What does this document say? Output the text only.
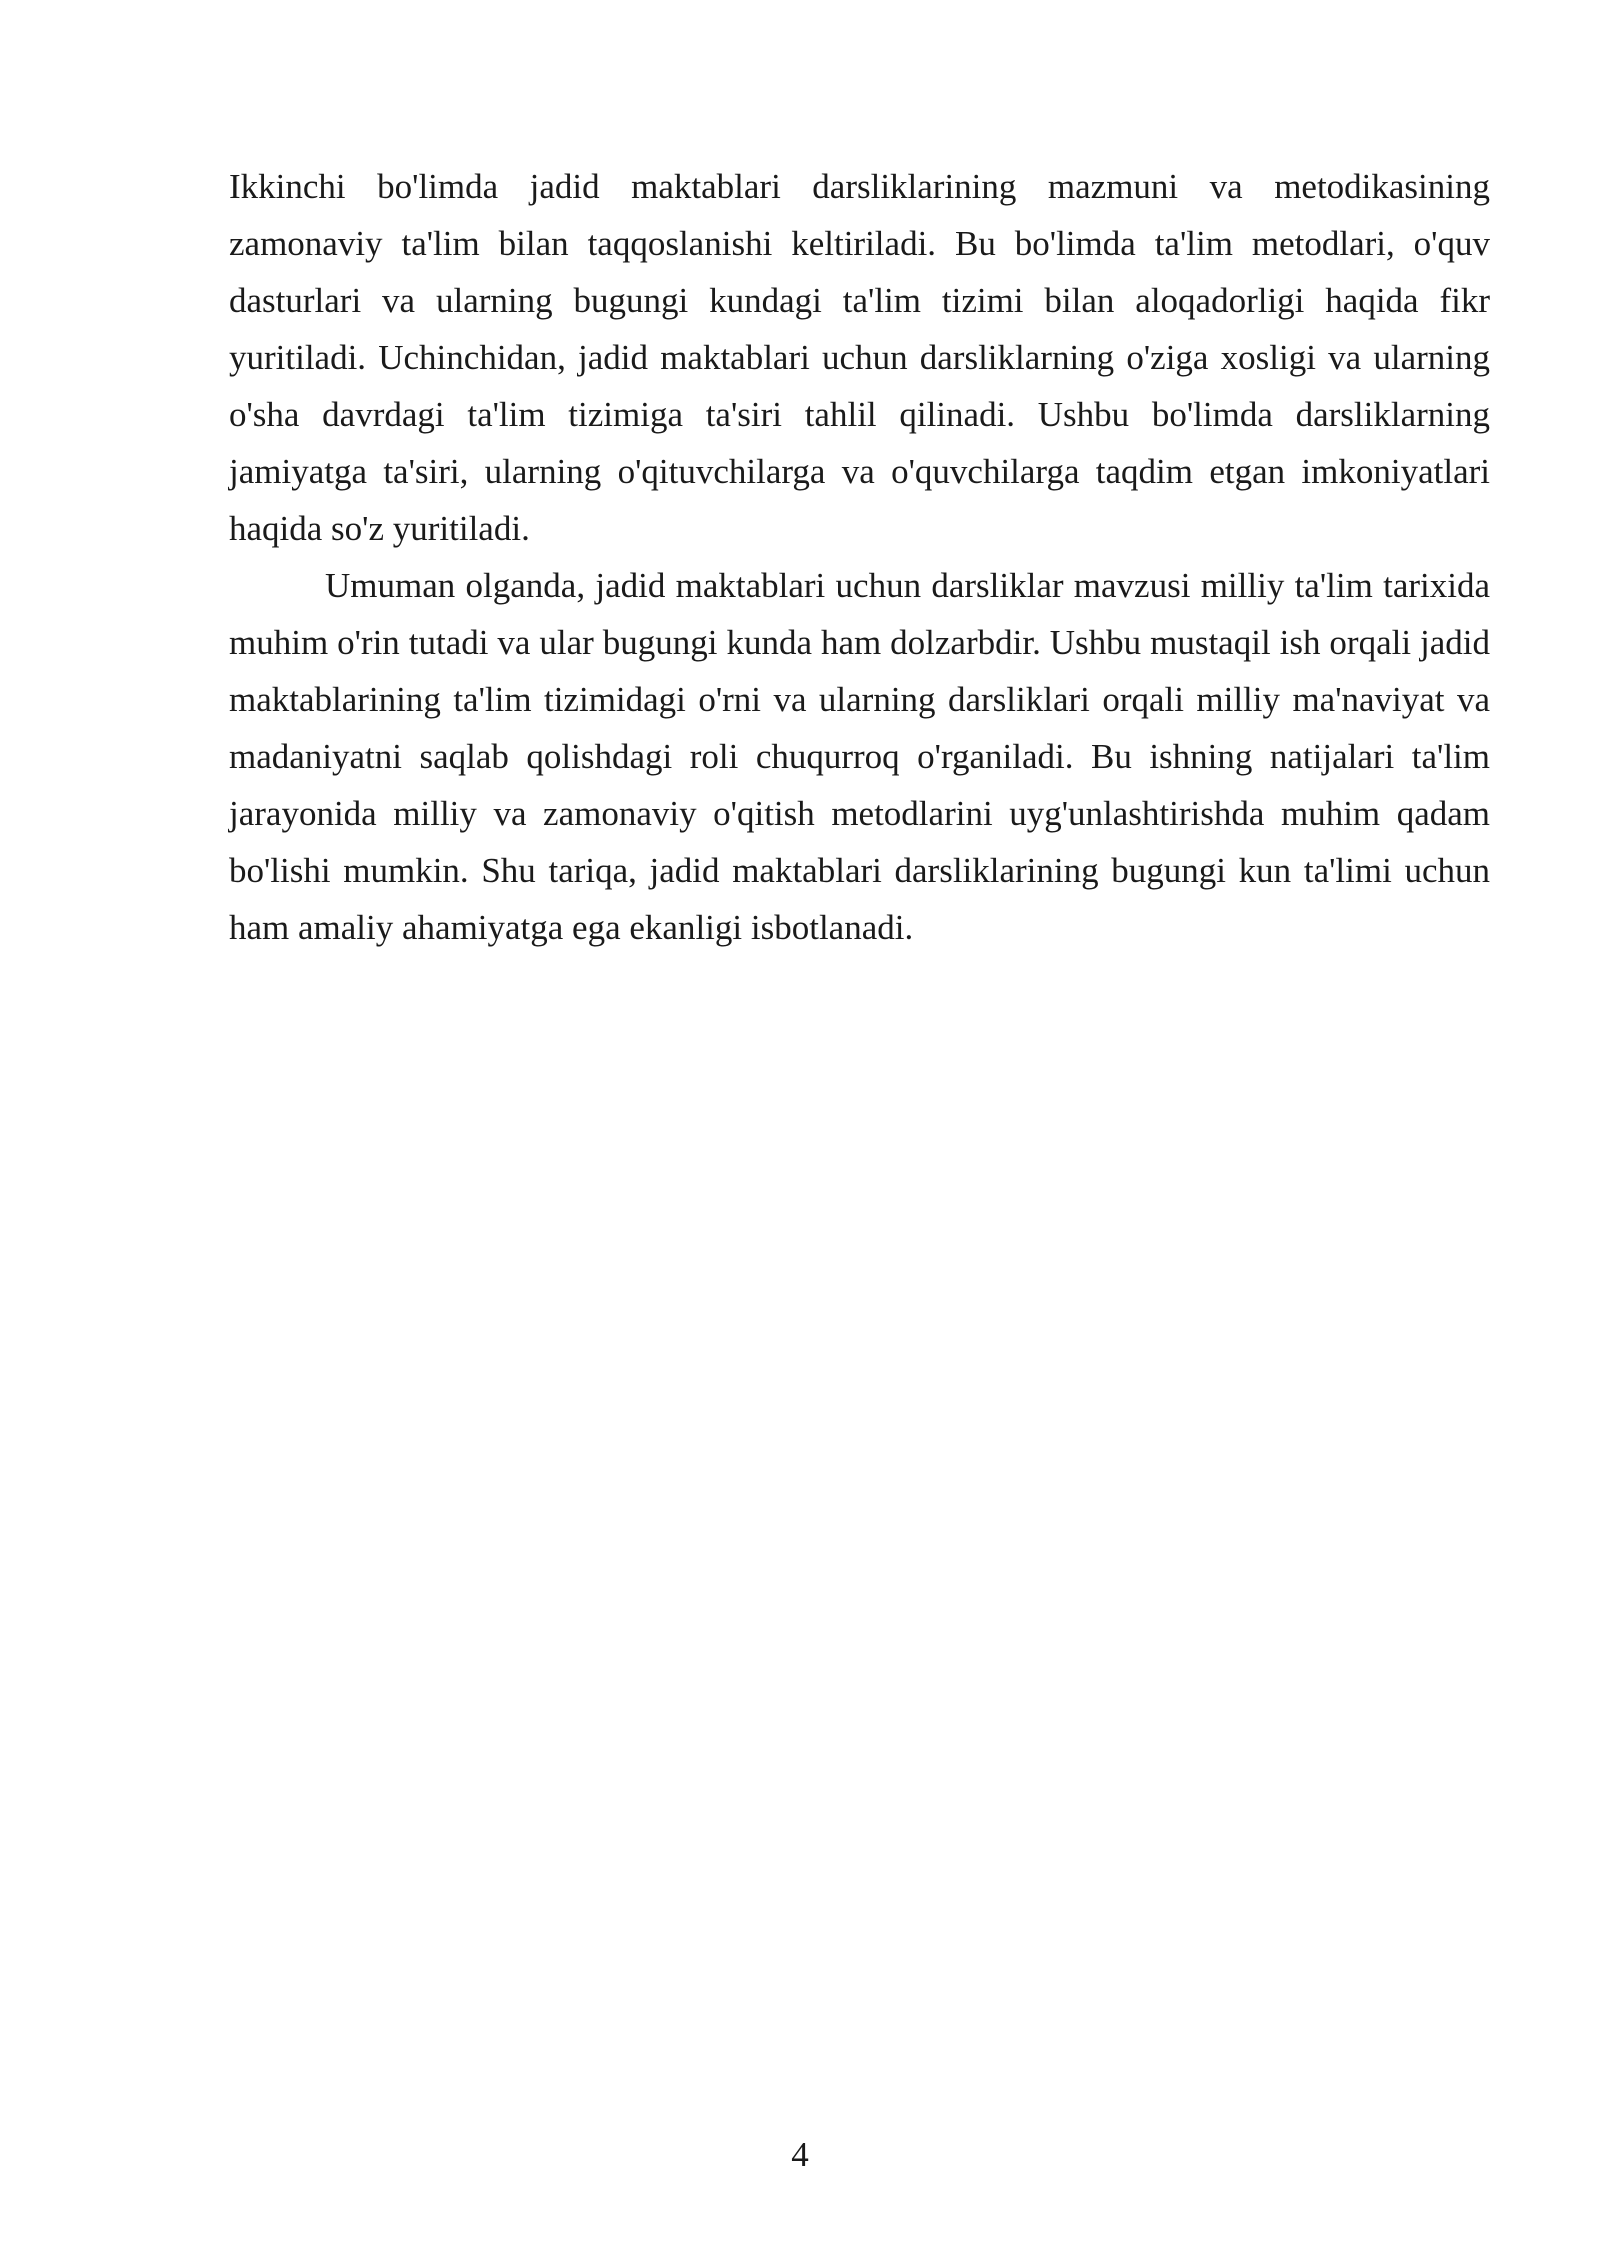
Ikkinchi bo'limda jadid maktablari darsliklarining mazmuni va metodikasining zamonaviy ta'lim bilan taqqoslanishi keltiriladi. Bu bo'limda ta'lim metodlari, o'quv dasturlari va ularning bugungi kundagi ta'lim tizimi bilan aloqadorligi haqida fikr yuritiladi. Uchinchidan, jadid maktablari uchun darsliklarning o'ziga xosligi va ularning o'sha davrdagi ta'lim tizimiga ta'siri tahlil qilinadi. Ushbu bo'limda darsliklarning jamiyatga ta'siri, ularning o'qituvchilarga va o'quvchilarga taqdim etgan imkoniyatlari haqida so'z yuritiladi.

Umuman olganda, jadid maktablari uchun darsliklar mavzusi milliy ta'lim tarixida muhim o'rin tutadi va ular bugungi kunda ham dolzarbdir. Ushbu mustaqil ish orqali jadid maktablarining ta'lim tizimidagi o'rni va ularning darsliklari orqali milliy ma'naviyat va madaniyatni saqlab qolishdagi roli chuqurroq o'rganiladi. Bu ishning natijalari ta'lim jarayonida milliy va zamonaviy o'qitish metodlarini uyg'unlashtirishda muhim qadam bo'lishi mumkin. Shu tariqa, jadid maktablari darsliklarining bugungi kun ta'limi uchun ham amaliy ahamiyatga ega ekanligi isbotlanadi.

4
